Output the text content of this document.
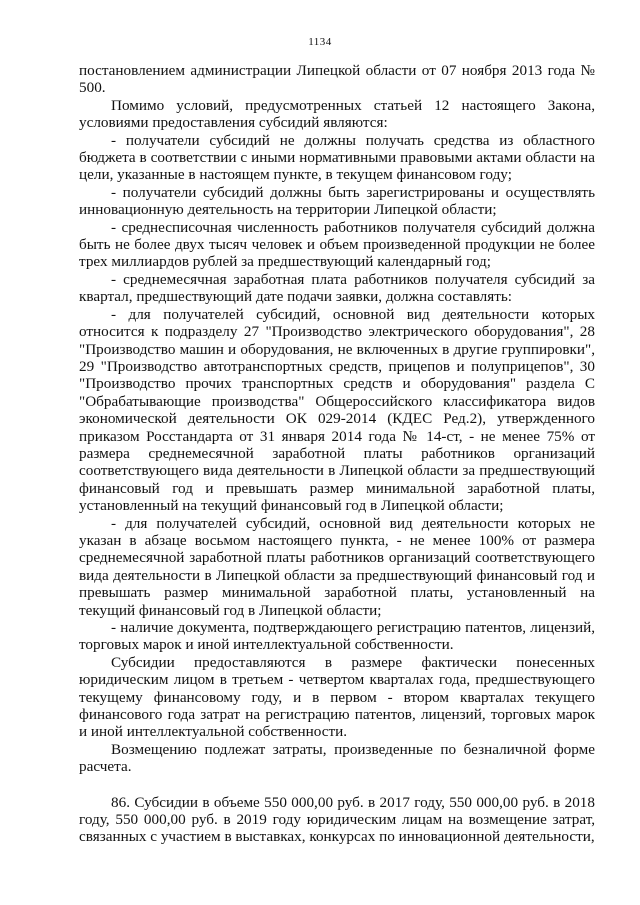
1134

постановлением администрации Липецкой области от 07 ноября 2013 года № 500.

Помимо условий, предусмотренных статьей 12 настоящего Закона, условиями предоставления субсидий являются:

- получатели субсидий не должны получать средства из областного бюджета в соответствии с иными нормативными правовыми актами области на цели, указанные в настоящем пункте, в текущем финансовом году;

- получатели субсидий должны быть зарегистрированы и осуществлять инновационную деятельность на территории Липецкой области;

- среднесписочная численность работников получателя субсидий должна быть не более двух тысяч человек и объем произведенной продукции не более трех миллиардов рублей за предшествующий календарный год;

- среднемесячная заработная плата работников получателя субсидий за квартал, предшествующий дате подачи заявки, должна составлять:

- для получателей субсидий, основной вид деятельности которых относится к подразделу 27 "Производство электрического оборудования", 28 "Производство машин и оборудования, не включенных в другие группировки", 29 "Производство автотранспортных средств, прицепов и полуприцепов", 30 "Производство прочих транспортных средств и оборудования" раздела С "Обрабатывающие производства" Общероссийского классификатора видов экономической деятельности ОК 029-2014 (КДЕС Ред.2), утвержденного приказом Росстандарта от 31 января 2014 года № 14-ст, - не менее 75% от размера среднемесячной заработной платы работников организаций соответствующего вида деятельности в Липецкой области за предшествующий финансовый год и превышать размер минимальной заработной платы, установленный на текущий финансовый год в Липецкой области;

- для получателей субсидий, основной вид деятельности которых не указан в абзаце восьмом настоящего пункта, - не менее 100% от размера среднемесячной заработной платы работников организаций соответствующего вида деятельности в Липецкой области за предшествующий финансовый год и превышать размер минимальной заработной платы, установленный на текущий финансовый год в Липецкой области;

- наличие документа, подтверждающего регистрацию патентов, лицензий, торговых марок и иной интеллектуальной собственности.

Субсидии предоставляются в размере фактически понесенных юридическим лицом в третьем - четвертом кварталах года, предшествующего текущему финансовому году, и в первом - втором кварталах текущего финансового года затрат на регистрацию патентов, лицензий, торговых марок и иной интеллектуальной собственности.

Возмещению подлежат затраты, произведенные по безналичной форме расчета.

86. Субсидии в объеме 550 000,00 руб. в 2017 году, 550 000,00 руб. в 2018 году, 550 000,00 руб. в 2019 году юридическим лицам на возмещение затрат, связанных с участием в выставках, конкурсах по инновационной деятельности,
